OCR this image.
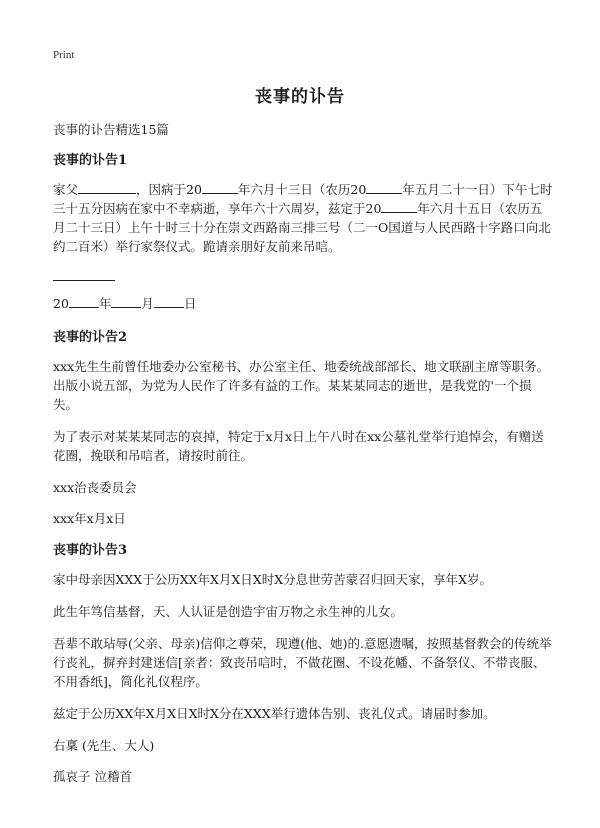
Print
丧事的讣告

丧事的讣告精选15篇

丧事的讣告1

家父	，因病于20	年六月十三日（农历20	年五月二十一日）下午七时三十五分因病在家中不幸病逝，享年六十六周岁，兹定于20	年六月十五日（农历五月二十三日）上午十时三十分在崇文西路南三排三号（二一O国道与人民西路十字路口向北约二百米）举行家祭仪式。跪请亲朋好友前来吊唁。

20 年 月 日

丧事的讣告2

xxx先生生前曾任地委办公室秘书、办公室主任、地委统战部部长、地文联副主席等职务。出版小说五部，为党为人民作了许多有益的工作。某某某同志的逝世，是我党的'一个损失。

为了表示对某某某同志的哀掉，特定于x月x日上午八时在xx公墓礼堂举行追悼会，有赠送花圈，挽联和吊唁者，请按时前往。

xxx治丧委员会

xxx年x月x日

丧事的讣告3

家中母亲因XXX于公历XX年X月X日X时X分息世劳苦蒙召归回天家，享年X岁。

此生年笃信基督，天、人认证是创造宇宙万物之永生神的儿女。

吾辈不敢玷辱(父亲、母亲)信仰之尊荣，现遵(他、她)的.意愿遗嘱，按照基督教会的传统举行丧礼，摒弃封建迷信[亲者：致丧吊唁时，不做花圈、不设花幡、不备祭仪、不带丧服、不用香纸]，简化礼仪程序。

兹定于公历XX年X月X日X时X分在XXX举行遗体告别、丧礼仪式。请届时参加。

右稟 (先生、大人)

孤哀子 泣稽首
